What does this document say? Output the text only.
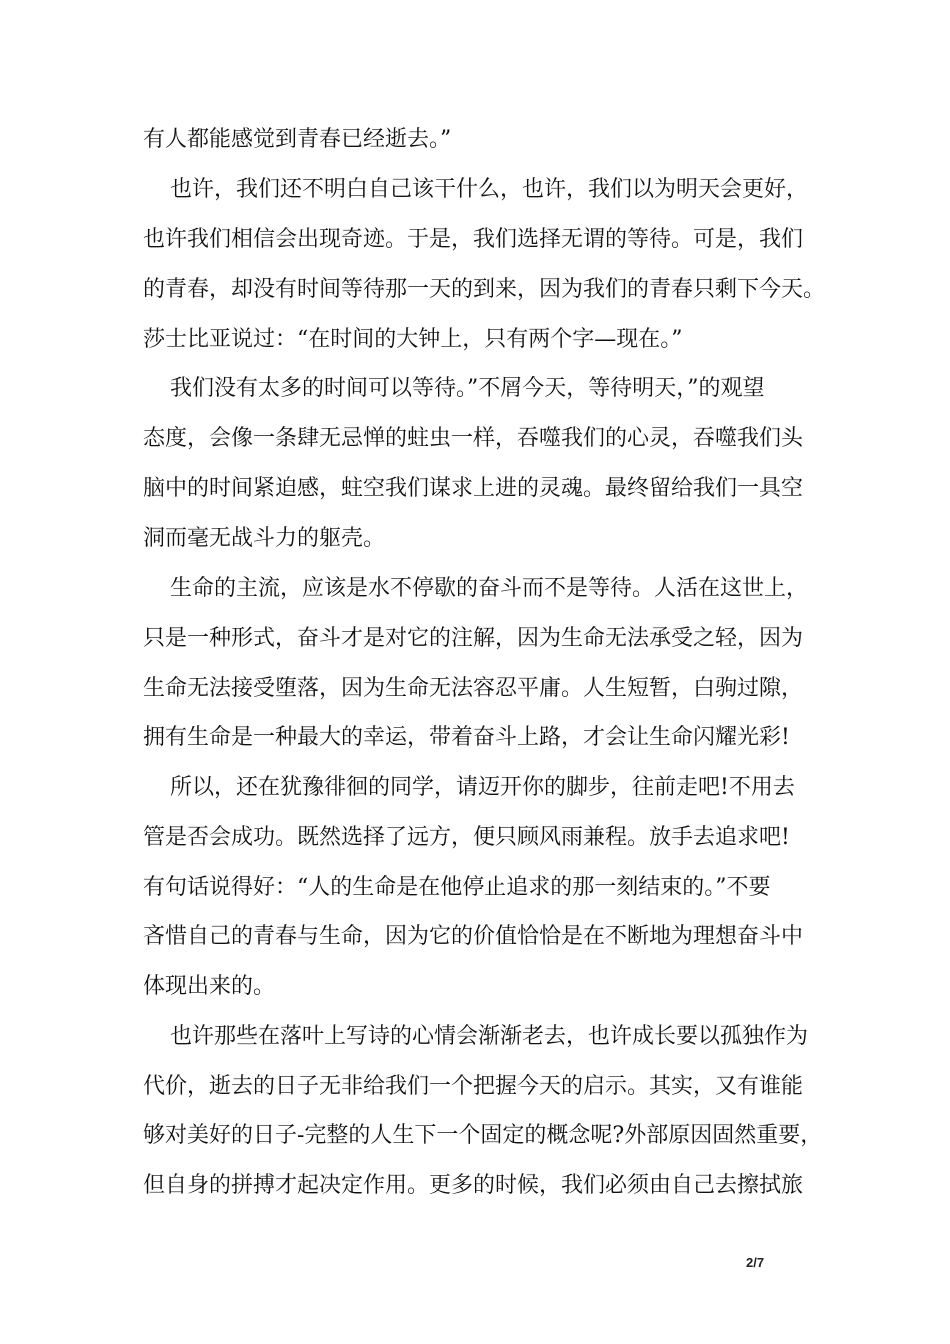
有人都能感觉到青春已经逝去。”
也许，我们还不明白自己该干什么，也许，我们以为明天会更好，
也许我们相信会出现奇迹。于是，我们选择无谓的等待。可是，我们
的青春，却没有时间等待那一天的到来，因为我们的青春只剩下今天。
莎士比亚说过：“在时间的大钟上，只有两个字—现在。”
我们没有太多的时间可以等待。”不屑今天，等待明天，”的观望
态度，会像一条肆无忌惮的蛀虫一样，吞噬我们的心灵，吞噬我们头
脑中的时间紧迫感，蛀空我们谋求上进的灵魂。最终留给我们一具空
洞而毫无战斗力的躯壳。
生命的主流，应该是水不停歇的奋斗而不是等待。人活在这世上，
只是一种形式，奋斗才是对它的注解，因为生命无法承受之轻，因为
生命无法接受堕落，因为生命无法容忍平庸。人生短暂，白驹过隙，
拥有生命是一种最大的幸运，带着奋斗上路，才会让生命闪耀光彩!
所以，还在犹豫徘徊的同学，请迈开你的脚步，往前走吧!不用去
管是否会成功。既然选择了远方，便只顾风雨兼程。放手去追求吧!
有句话说得好：“人的生命是在他停止追求的那一刻结束的。”不要
吝惜自己的青春与生命，因为它的价值恰恰是在不断地为理想奋斗中
体现出来的。
也许那些在落叶上写诗的心情会渐渐老去，也许成长要以孤独作为
代价，逝去的日子无非给我们一个把握今天的启示。其实，又有谁能
够对美好的日子-完整的人生下一个固定的概念呢?外部原因固然重要，
但自身的拼搏才起决定作用。更多的时候，我们必须由自己去擦拭旅
2/7
